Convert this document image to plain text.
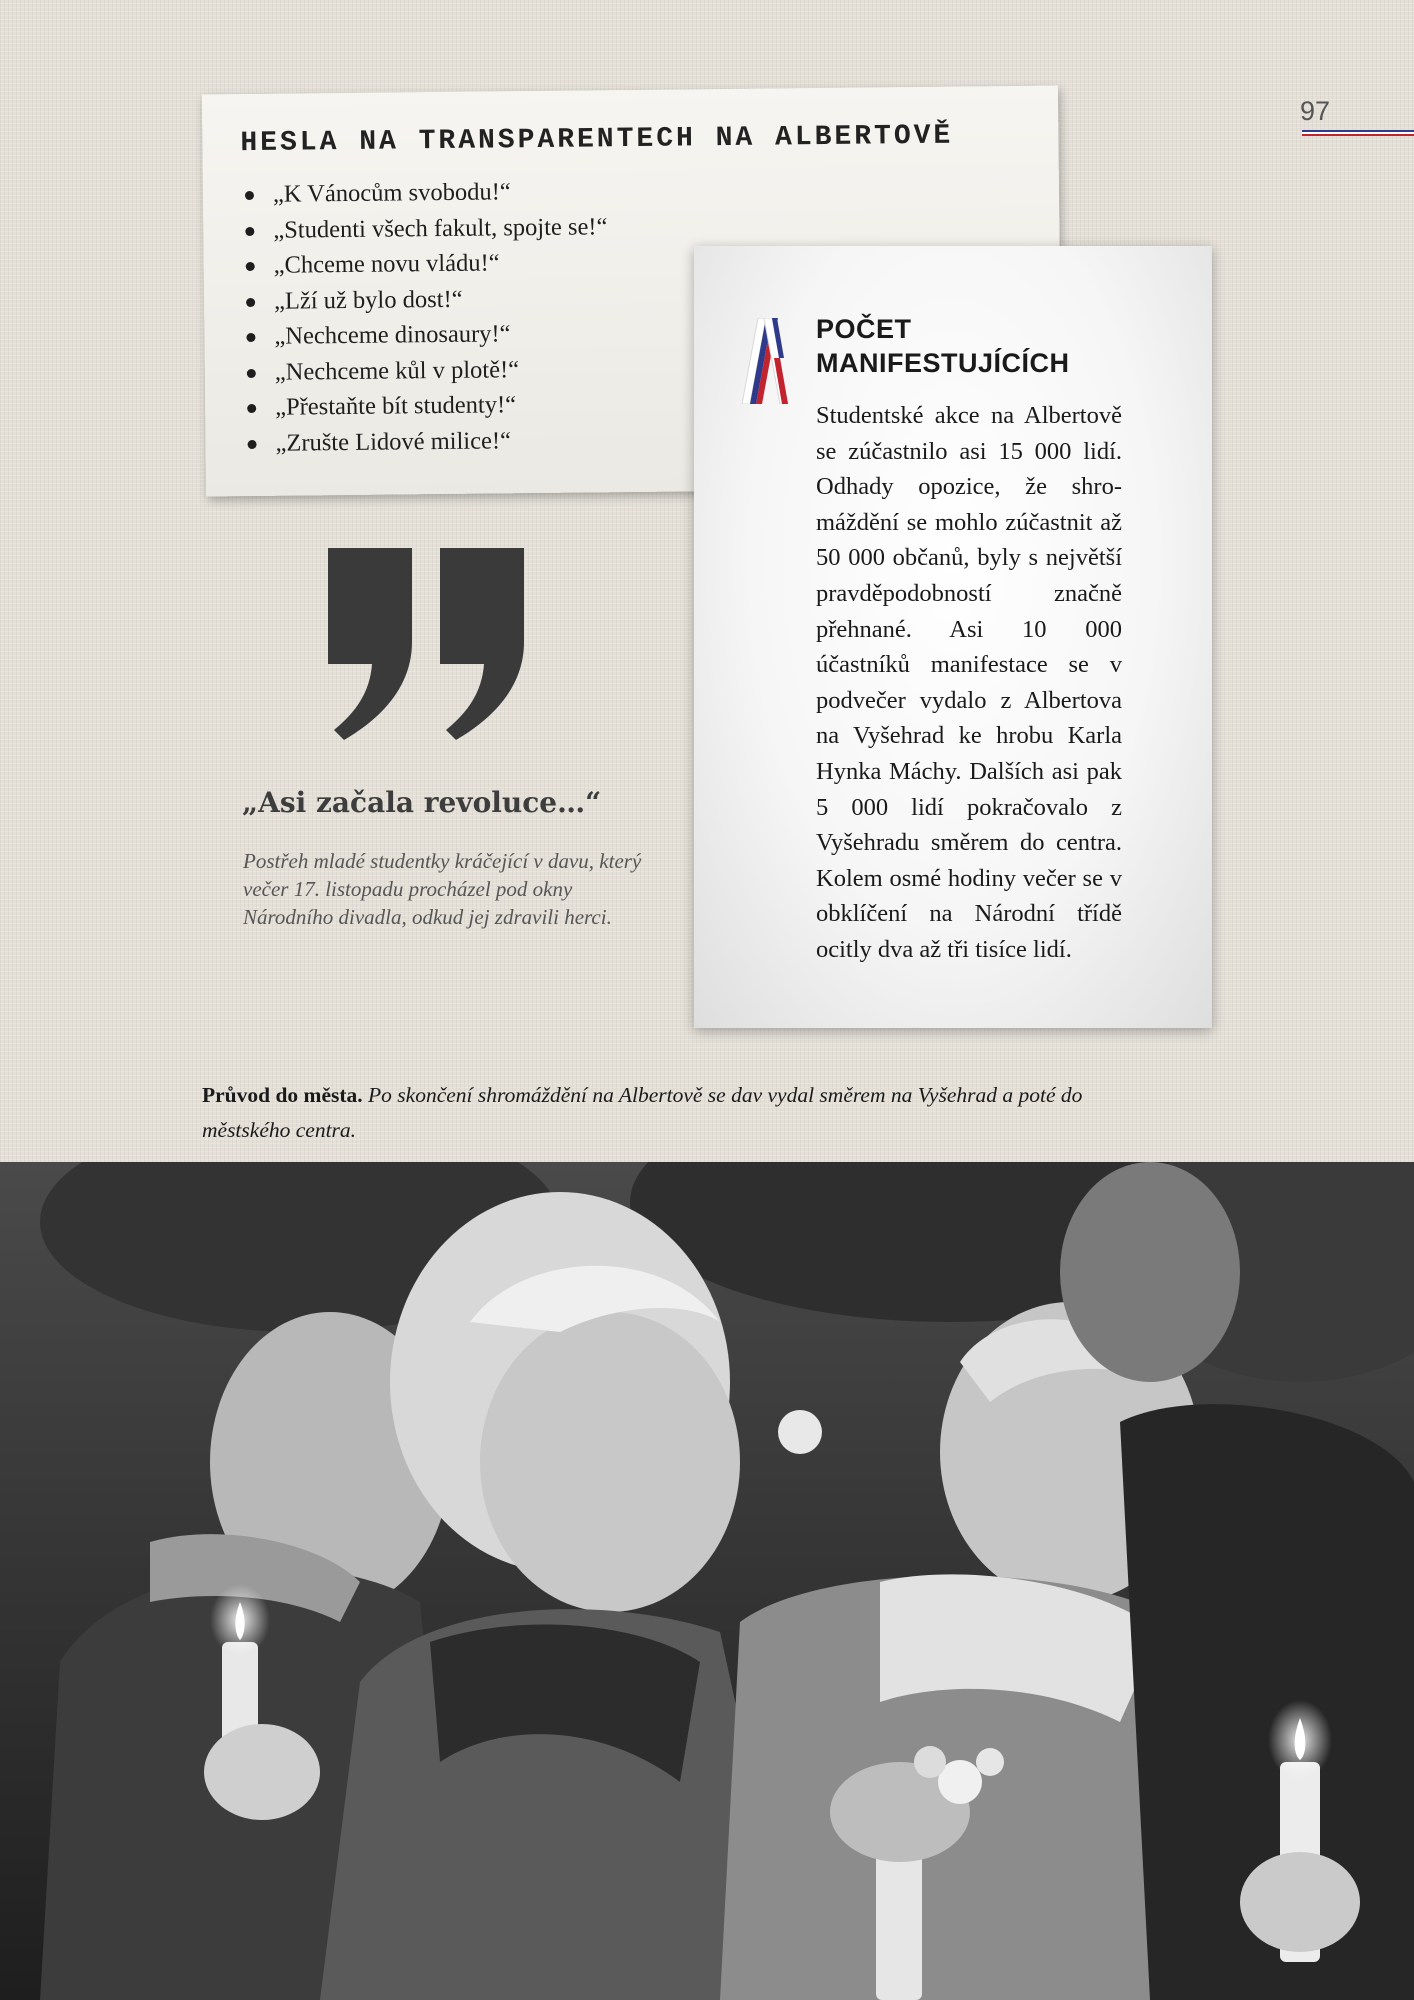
97
HESLA NA TRANSPARENTECH NA ALBERTOVĚ
„K Vánocům svobodu!“
„Studenti všech fakult, spojte se!“
„Chceme novu vládu!“
„Lží už bylo dost!“
„Nechceme dinosaury!“
„Nechceme kůl v plotě!“
„Přestaňte bít studenty!“
„Zrušte Lidové milice!“
POČET
MANIFESTUJÍCÍCH
Studentské akce na Albertově se zúčastnilo asi 15 000 lidí. Odhady opozice, že shromáždění se mohlo zúčastnit až 50 000 občanů, byly s největší pravděpodobností značně přehnané. Asi 10 000 účastníků manifestace se v podvečer vydalo z Albertova na Vyšehrad ke hrobu Karla Hynka Máchy. Dalších asi pak 5 000 lidí pokračovalo z Vyšehradu směrem do centra. Kolem osmé hodiny večer se v obklíčení na Národní třídě ocitly dva až tři tisíce lidí.
„Asi začala revoluce…“
Postřeh mladé studentky kráčející v davu, který večer 17. listopadu procházel pod okny Národního divadla, odkud jej zdravili herci.
Průvod do města. Po skončení shromáždění na Albertově se dav vydal směrem na Vyšehrad a poté do městského centra.
